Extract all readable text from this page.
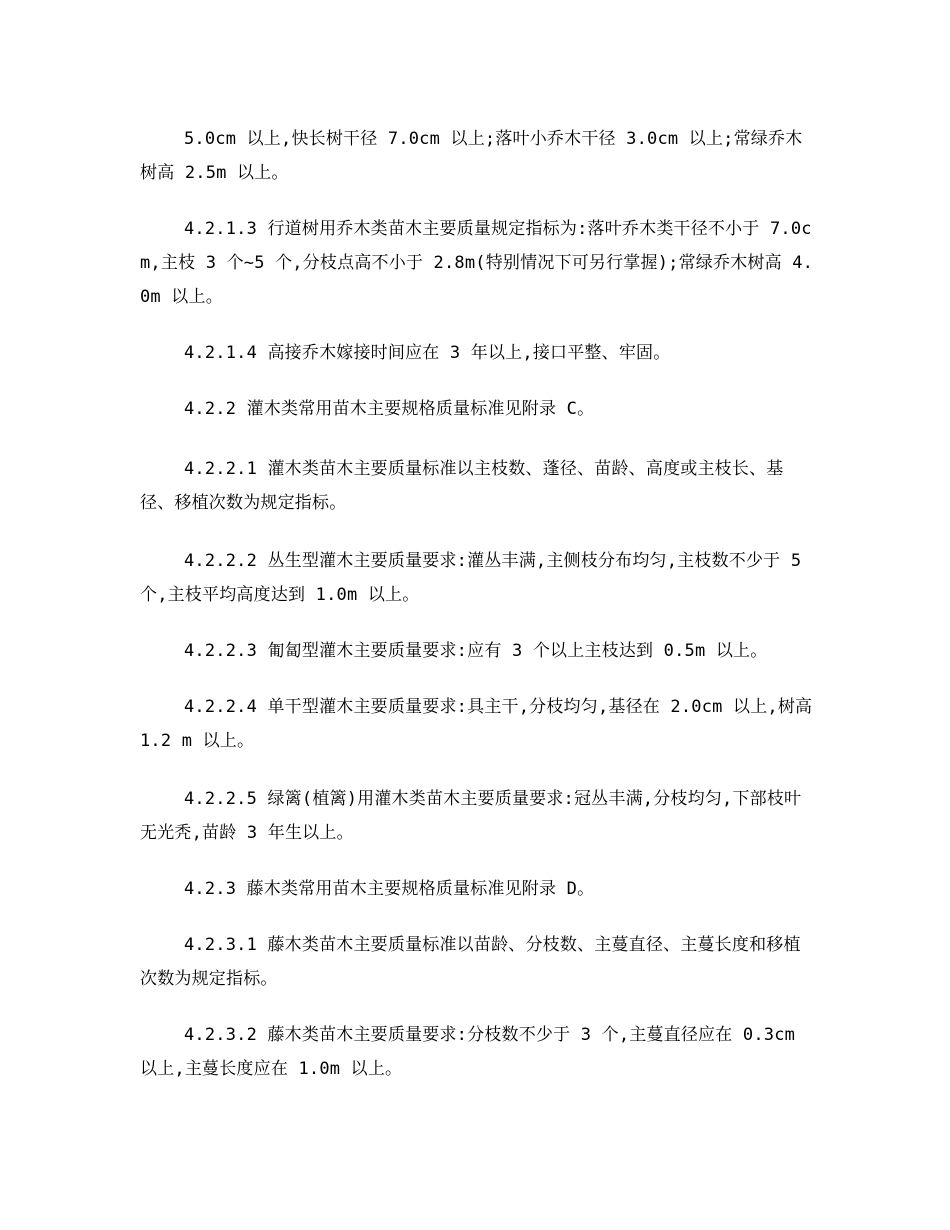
5.0cm 以上,快长树干径 7.0cm 以上;落叶小乔木干径 3.0cm 以上;常绿乔木树高 2.5m 以上。

4.2.1.3 行道树用乔木类苗木主要质量规定指标为:落叶乔木类干径不小于 7.0cm,主枝 3 个~5 个,分枝点高不小于 2.8m(特别情况下可另行掌握);常绿乔木树高 4.0m 以上。

4.2.1.4 高接乔木嫁接时间应在 3 年以上,接口平整、牢固。

4.2.2 灌木类常用苗木主要规格质量标准见附录 C。

4.2.2.1 灌木类苗木主要质量标准以主枝数、蓬径、苗龄、高度或主枝长、基径、移植次数为规定指标。

4.2.2.2 丛生型灌木主要质量要求:灌丛丰满,主侧枝分布均匀,主枝数不少于 5 个,主枝平均高度达到 1.0m 以上。

4.2.2.3 匍匐型灌木主要质量要求:应有 3 个以上主枝达到 0.5m 以上。

4.2.2.4 单干型灌木主要质量要求:具主干,分枝均匀,基径在 2.0cm 以上,树高 1.2 m 以上。

4.2.2.5 绿篱(植篱)用灌木类苗木主要质量要求:冠丛丰满,分枝均匀,下部枝叶无光秃,苗龄 3 年生以上。

4.2.3 藤木类常用苗木主要规格质量标准见附录 D。

4.2.3.1 藤木类苗木主要质量标准以苗龄、分枝数、主蔓直径、主蔓长度和移植次数为规定指标。

4.2.3.2 藤木类苗木主要质量要求:分枝数不少于 3 个,主蔓直径应在 0.3cm 以上,主蔓长度应在 1.0m 以上。
